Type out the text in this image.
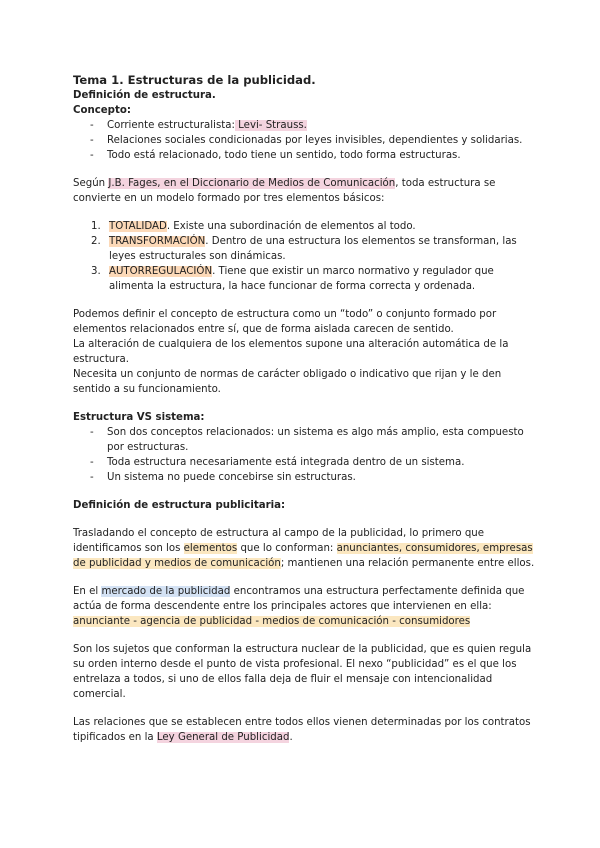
Tema 1. Estructuras de la publicidad.

Definición de estructura.

Concepto:

- Corriente estructuralista: Levi- Strauss.
- Relaciones sociales condicionadas por leyes invisibles, dependientes y solidarias.
- Todo está relacionado, todo tiene un sentido, todo forma estructuras.

Según J.B. Fages, en el Diccionario de Medios de Comunicación, toda estructura se convierte en un modelo formado por tres elementos básicos:

1. TOTALIDAD. Existe una subordinación de elementos al todo.
2. TRANSFORMACIÓN. Dentro de una estructura los elementos se transforman, las leyes estructurales son dinámicas.
3. AUTORREGULACIÓN. Tiene que existir un marco normativo y regulador que alimenta la estructura, la hace funcionar de forma correcta y ordenada.

Podemos definir el concepto de estructura como un “todo” o conjunto formado por elementos relacionados entre sí, que de forma aislada carecen de sentido.

La alteración de cualquiera de los elementos supone una alteración automática de la estructura.

Necesita un conjunto de normas de carácter obligado o indicativo que rijan y le den sentido a su funcionamiento.

Estructura VS sistema:

- Son dos conceptos relacionados: un sistema es algo más amplio, esta compuesto por estructuras.
- Toda estructura necesariamente está integrada dentro de un sistema.
- Un sistema no puede concebirse sin estructuras.

Definición de estructura publicitaria:

Trasladando el concepto de estructura al campo de la publicidad, lo primero que identificamos son los elementos que lo conforman: anunciantes, consumidores, empresas de publicidad y medios de comunicación; mantienen una relación permanente entre ellos.

En el mercado de la publicidad encontramos una estructura perfectamente definida que actúa de forma descendente entre los principales actores que intervienen en ella:

anunciante - agencia de publicidad - medios de comunicación - consumidores

Son los sujetos que conforman la estructura nuclear de la publicidad, que es quien regula su orden interno desde el punto de vista profesional. El nexo “publicidad” es el que los entrelaza a todos, si uno de ellos falla deja de fluir el mensaje con intencionalidad comercial.

Las relaciones que se establecen entre todos ellos vienen determinadas por los contratos tipificados en la Ley General de Publicidad.
